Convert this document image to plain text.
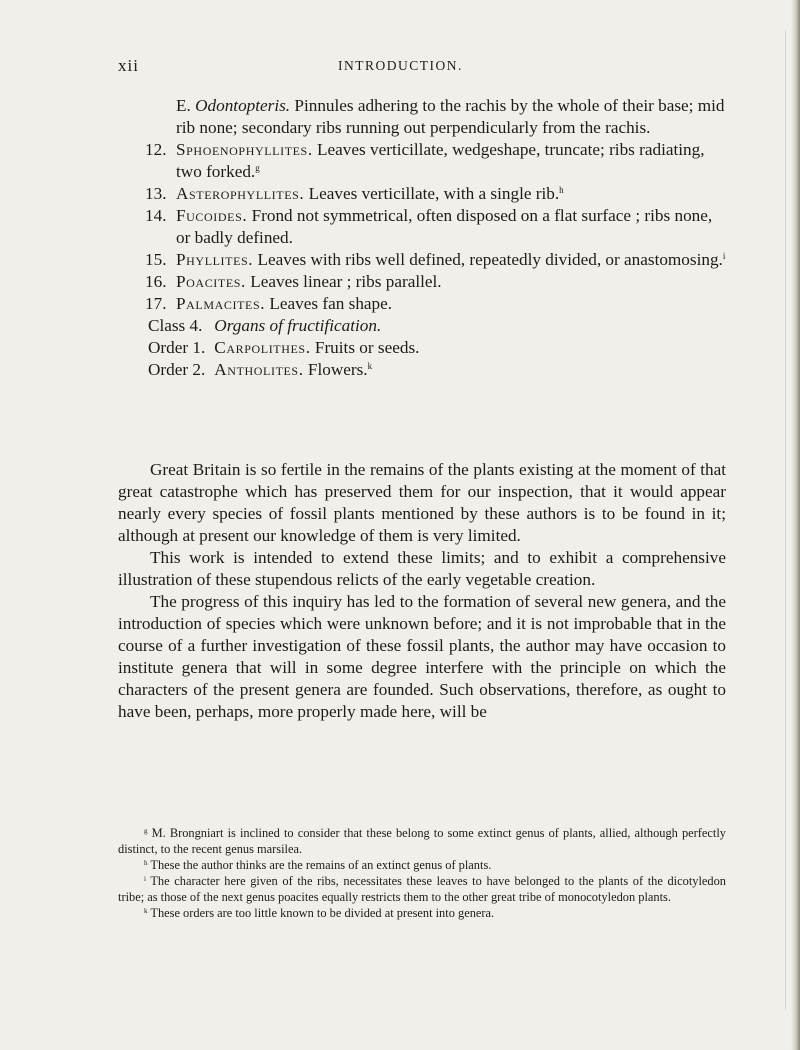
xii	INTRODUCTION.
E. Odontopteris. Pinnules adhering to the rachis by the whole of their base; mid rib none; secondary ribs running out perpendicularly from the rachis.
12. Sphoenophyllites. Leaves verticillate, wedgeshape, truncate; ribs radiating, two forked.$^g$
13. Asterophyllites. Leaves verticillate, with a single rib.$^h$
14. Fucoides. Frond not symmetrical, often disposed on a flat surface ; ribs none, or badly defined.
15. Phyllites. Leaves with ribs well defined, repeatedly divided, or anastomosing.$^i$
16. Poacites. Leaves linear ; ribs parallel.
17. Palmacites. Leaves fan shape.
Class 4. Organs of fructification.
Order 1. Carpolithes. Fruits or seeds.
Order 2. Antholites. Flowers.$^k$

Great Britain is so fertile in the remains of the plants existing at the moment of that great catastrophe which has preserved them for our inspection, that it would appear nearly every species of fossil plants mentioned by these authors is to be found in it; although at present our knowledge of them is very limited.

This work is intended to extend these limits; and to exhibit a comprehensive illustration of these stupendous relicts of the early vegetable creation.

The progress of this inquiry has led to the formation of several new genera, and the introduction of species which were unknown before; and it is not improbable that in the course of a further investigation of these fossil plants, the author may have occasion to institute genera that will in some degree interfere with the principle on which the characters of the present genera are founded. Such observations, therefore, as ought to have been, perhaps, more properly made here, will be

$^g$ M. Brongniart is inclined to consider that these belong to some extinct genus of plants, allied, although perfectly distinct, to the recent genus marsilea.

$^h$ These the author thinks are the remains of an extinct genus of plants.

$^i$ The character here given of the ribs, necessitates these leaves to have belonged to the plants of the dicotyledon tribe; as those of the next genus poacites equally restricts them to the other great tribe of monocotyledon plants.

$^k$ These orders are too little known to be divided at present into genera.
